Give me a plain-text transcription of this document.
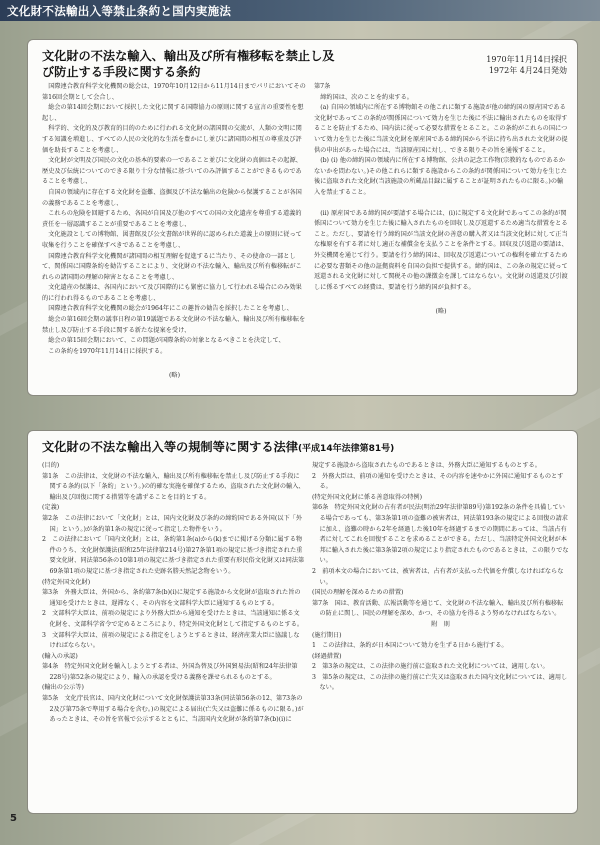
文化財不法輸出入等禁止条約と国内実施法
文化財の不法な輸入、輸出及び所有権移転を禁止し及び防止する手段に関する条約
1970年11月14日採択
1972年 4月24日発効

国際連合教育科学文化機関の総会は、1970年10月12日から11月14日までパリにおいてその第16回会期として会合し、

総会の第14回会期において採択した文化に関する国際協力の原則に関する宣言の重要性を想起し、

科学的、文化的及び教育的目的のために行われる文化財の諸国間の交流が、人類の文明に関する知識を増進し、すべての人民の文化的な生活を豊かにし並びに諸国間の相互の尊重及び評価を助長することを考慮し、

文化財が文明及び国民の文化の基本的要素の一であること並びに文化財の真価はその起源、歴史及び伝統についてのできる限り十分な情報に基づいてのみ評価することができるものであることを考慮し、

自国の領域内に存在する文化財を盗難、盗掘及び不法な輸出の危険から保護することが各国の義務であることを考慮し、

これらの危険を回避するため、各国が自国及び他のすべての国の文化遺産を尊重する道義的責任を一層認識することが重要であることを考慮し、

文化施設としての博物館、図書館及び公文書館が世界的に認められた道義上の原則に従って収集を行うことを確保すべきであることを考慮し、

国際連合教育科学文化機関が諸国間の相互理解を促進するに当たり、その使命の一部として、関係国に国際条約を勧告することにより、文化財の不法な輸入、輸出及び所有権移転がこれらの諸国間の理解の障害となることを考慮し、

文化遺産の保護は、各国内において及び国際的にも緊密に協力して行われる場合にのみ効果的に行われ得るものであることを考慮し、

国際連合教育科学文化機関の総会が1964年にこの趣旨の勧告を採択したことを考慮し、

総会の第16回会期の議事日程の第19議題である文化財の不法な輸入、輸出及び所有権移転を禁止し及び防止する手段に関する新たな提案を受け、

総会の第15回会期において、この問題が国際条約の対象となるべきことを決定して、

この条約を1970年11月14日に採択する。

(略)

第7条

締約国は、次のことを約束する。

(a) 自国の領域内に所在する博物館その他これに類する施設が他の締約国の原産国である文化財であってこの条約が関係国について効力を生じた後に不法に輸出されたものを取得することを防止するため、国内法に従って必要な措置をとること。この条約がこれらの国について効力を生じた後に当該文化財を原産国である締約国から不法に持ち出された文化財の提供の申出があった場合には、当該原産国に対し、できる限りその旨を通報すること。

(b) (i) 他の締約国の領域内に所在する博物館、公共の記念工作物(宗教的なものであるかないかを問わない。)その他これらに類する施設からこの条約が関係国について効力を生じた後に盗取された文化財(当該施設の所蔵品目録に属することが証明されたものに限る。)の輸入を禁止すること。

(ii) 原産国である締約国が要請する場合には、(i)に規定する文化財であってこの条約が関係国について効力を生じた後に輸入されたものを回収し及び返還するため適当な措置をとること。ただし、要請を行う締約国が当該文化財の善意の購入者又は当該文化財に対して正当な権原を有する者に対し適正な補償金を支払うことを条件とする。回収及び返還の要請は、外交機関を通じて行う。要請を行う締約国は、回収及び返還についての権利を確立するために必要な書類その他の証拠資料を自国の負担で提供する。締約国は、この条の規定に従って返還される文化財に対して関税その他の課徴金を課してはならない。文化財の返還及び引渡しに係るすべての経費は、要請を行う締約国が負担する。

(略)

文化財の不法な輸出入等の規制等に関する法律(平成14年法律第81号)

(目的)

第1条　この法律は、文化財の不法な輸入、輸出及び所有権移転を禁止し及び防止する手段に関する条約(以下「条約」という。)の的確な実施を確保するため、盗取された文化財の輸入、輸出及び回復に関する措置等を講ずることを目的とする。

(定義)

第2条　この法律において「文化財」とは、国内文化財及び条約の締約国である外国(以下「外国」という。)が条約第1条の規定に従って指定した物件をいう。

2　この法律において「国内文化財」とは、条約第1条(a)から(k)までに掲げる分類に属する物件のうち、文化財保護法(昭和25年法律第214号)第27条第1項の規定に基づき指定された重要文化財、同法第56条の10第1項の規定に基づき指定された重要有形民俗文化財又は同法第69条第1項の規定に基づき指定された史跡名勝天然記念物をいう。

(特定外国文化財)

第3条　外務大臣は、外国から、条約第7条(b)(i)に規定する施設から文化財が盗取された旨の通知を受けたときは、遅滞なく、その内容を文部科学大臣に通知するものとする。

2　文部科学大臣は、前項の規定により外務大臣から通知を受けたときは、当該通知に係る文化財を、文部科学省令で定めるところにより、特定外国文化財として指定するものとする。

3　文部科学大臣は、前項の規定による指定をしようとするときは、経済産業大臣に協議しなければならない。

(輸入の承認)

第4条　特定外国文化財を輸入しようとする者は、外国為替及び外国貿易法(昭和24年法律第228号)第52条の規定により、輸入の承認を受ける義務を課せられるものとする。

(輸出の公示等)

第5条　文化庁長官は、国内文化財について文化財保護法第33条(同法第56条の12、第73条の2及び第75条で準用する場合を含む。)の規定による届出(亡失又は盗難に係るものに限る。)があったときは、その旨を官報で公示するとともに、当該国内文化財が条約第7条(b)(i)に

規定する施設から盗取されたものであるときは、外務大臣に通知するものとする。

2　外務大臣は、前項の通知を受けたときは、その内容を速やかに外国に通知するものとする。

(特定外国文化財に係る善意取得の特例)

第6条　特定外国文化財の占有者が民法(明治29年法律第89号)第192条の条件を具備している場合であっても、第3条第1項の盗難の被害者は、同法第193条の規定による回復の請求に加え、盗難の時から2年を経過した後10年を経過するまでの期間にあっては、当該占有者に対してこれを回復することを求めることができる。ただし、当該特定外国文化財が本邦に輸入された後に第3条第2項の規定により指定されたものであるときは、この限りでない。

2　前項本文の場合においては、被害者は、占有者が支払った代価を弁償しなければならない。

(国民の理解を深めるための措置)

第7条　国は、教育活動、広報活動等を通じて、文化財の不法な輸入、輸出及び所有権移転の防止に関し、国民の理解を深め、かつ、その協力を得るよう努めなければならない。

附　則

(施行期日)

1　この法律は、条約が日本国について効力を生ずる日から施行する。

(経過措置)

2　第3条の規定は、この法律の施行前に盗取された文化財については、適用しない。

3　第5条の規定は、この法律の施行前に亡失又は盗取された国内文化財については、適用しない。

5
